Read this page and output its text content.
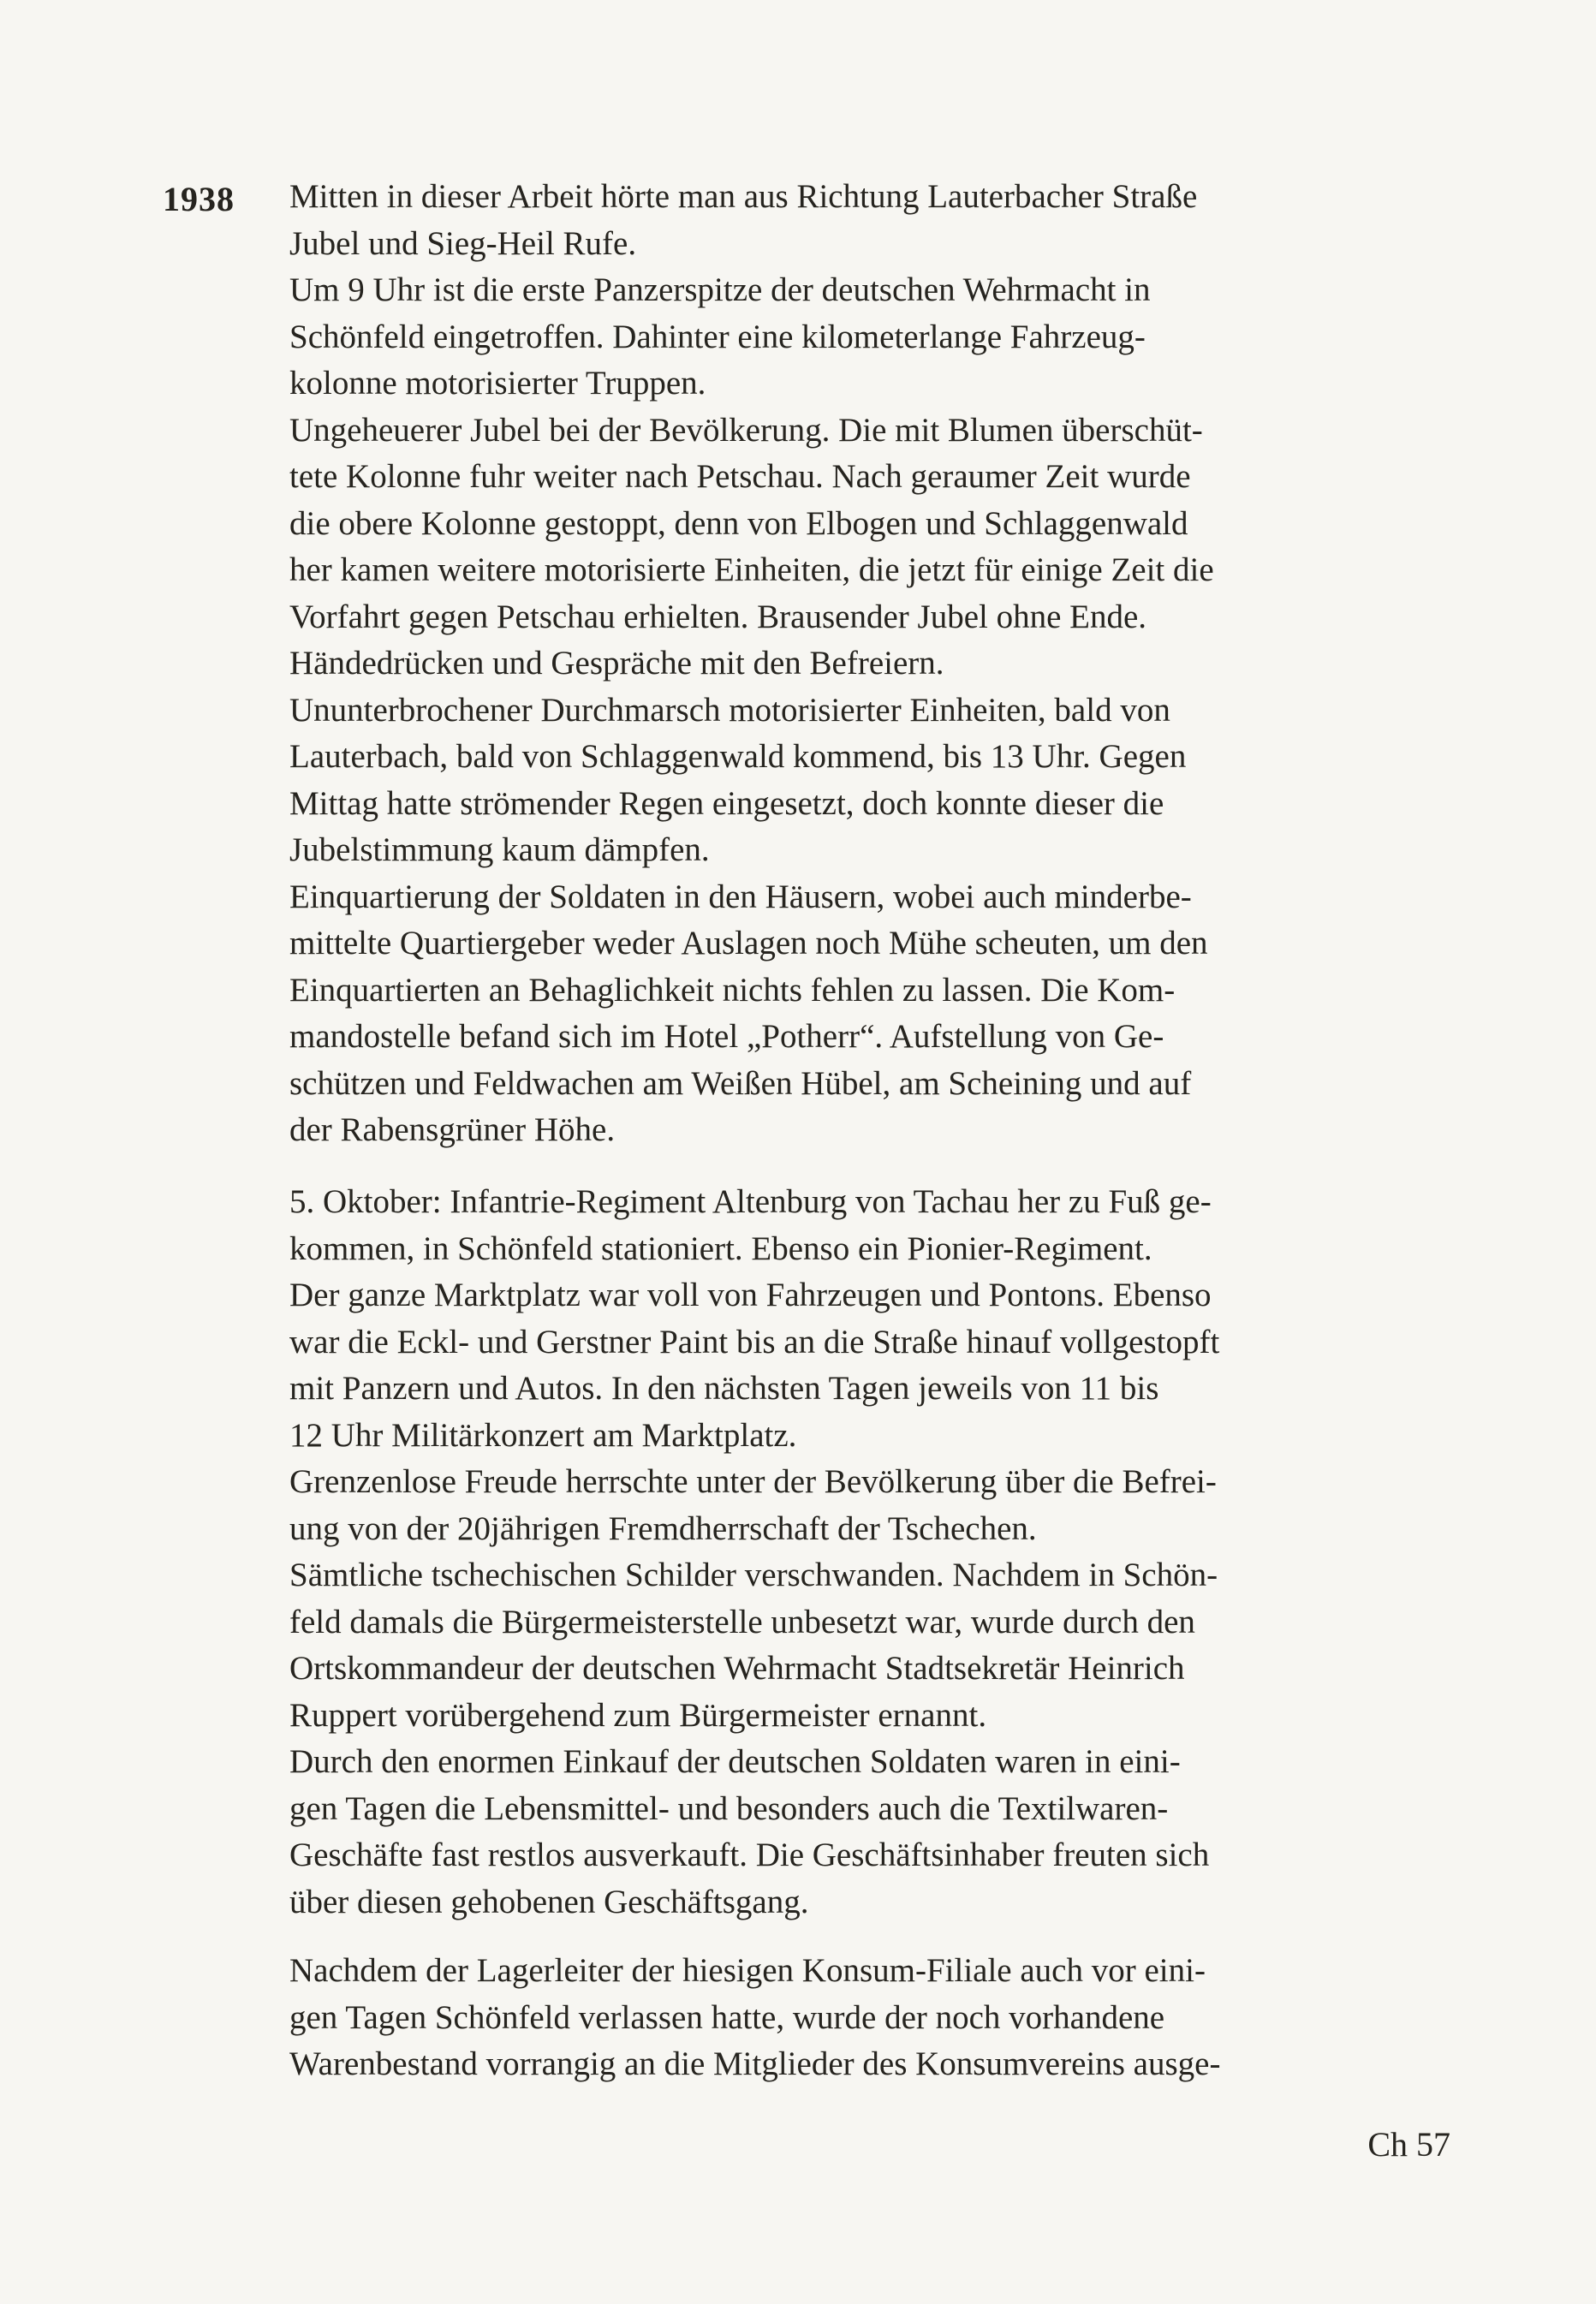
1938 Mitten in dieser Arbeit hörte man aus Richtung Lauterbacher Straße
Jubel und Sieg-Heil Rufe.
Um 9 Uhr ist die erste Panzerspitze der deutschen Wehrmacht in
Schönfeld eingetroffen. Dahinter eine kilometerlange Fahrzeug-
kolonne motorisierter Truppen.
Ungeheuerer Jubel bei der Bevölkerung. Die mit Blumen überschüt-
tete Kolonne fuhr weiter nach Petschau. Nach geraumer Zeit wurde
die obere Kolonne gestoppt, denn von Elbogen und Schlaggenwald
her kamen weitere motorisierte Einheiten, die jetzt für einige Zeit die
Vorfahrt gegen Petschau erhielten. Brausender Jubel ohne Ende.
Händedrücken und Gespräche mit den Befreiern.
Ununterbrochener Durchmarsch motorisierter Einheiten, bald von
Lauterbach, bald von Schlaggenwald kommend, bis 13 Uhr. Gegen
Mittag hatte strömender Regen eingesetzt, doch konnte dieser die
Jubelstimmung kaum dämpfen.
Einquartierung der Soldaten in den Häusern, wobei auch minderbe-
mittelte Quartiergeber weder Auslagen noch Mühe scheuten, um den
Einquartierten an Behaglichkeit nichts fehlen zu lassen. Die Kom-
mandostelle befand sich im Hotel „Potherr“. Aufstellung von Ge-
schützen und Feldwachen am Weißen Hübel, am Scheining und auf
der Rabensgrüner Höhe.
5. Oktober: Infantrie-Regiment Altenburg von Tachau her zu Fuß ge-
kommen, in Schönfeld stationiert. Ebenso ein Pionier-Regiment.
Der ganze Marktplatz war voll von Fahrzeugen und Pontons. Ebenso
war die Eckl- und Gerstner Paint bis an die Straße hinauf vollgestopft
mit Panzern und Autos. In den nächsten Tagen jeweils von 11 bis
12 Uhr Militärkonzert am Marktplatz.
Grenzenlose Freude herrschte unter der Bevölkerung über die Befrei-
ung von der 20jährigen Fremdherrschaft der Tschechen.
Sämtliche tschechischen Schilder verschwanden. Nachdem in Schön-
feld damals die Bürgermeisterstelle unbesetzt war, wurde durch den
Ortskommandeur der deutschen Wehrmacht Stadtsekretär Heinrich
Ruppert vorübergehend zum Bürgermeister ernannt.
Durch den enormen Einkauf der deutschen Soldaten waren in eini-
gen Tagen die Lebensmittel- und besonders auch die Textilwaren-
Geschäfte fast restlos ausverkauft. Die Geschäftsinhaber freuten sich
über diesen gehobenen Geschäftsgang.
Nachdem der Lagerleiter der hiesigen Konsum-Filiale auch vor eini-
gen Tagen Schönfeld verlassen hatte, wurde der noch vorhandene
Warenbestand vorrangig an die Mitglieder des Konsumvereins ausge-
Ch 57
